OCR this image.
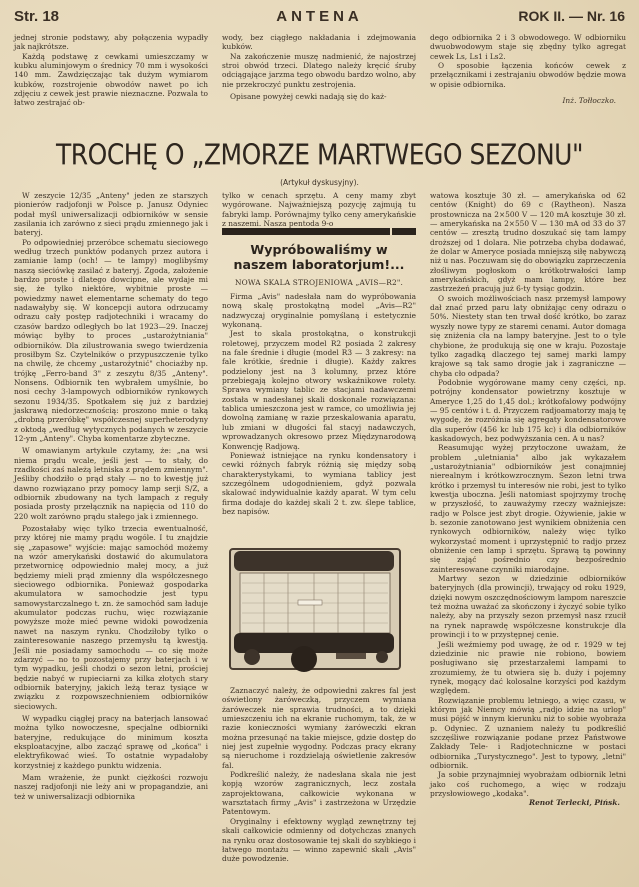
Str. 18	ANTENA	ROK II. — Nr. 16

jednej stronie podstawy, aby połączenia wypadły jak najkrótsze.

Każdą podstawę z cewkami umieszczamy w kubku aluminjowym o średnicy 70 mm i wysokości 140 mm. Zawdzięczając tak dużym wymiarom kubków, rozstrojenie obwodów nawet po ich zdjęciu z cewek jest prawie nieznaczne. Pozwala to łatwo zestrajać ob-

wody, bez ciągłego nakładania i zdejmowania kubków.

Na zakończenie muszę nadmienić, że najostrzej stroi obwód trzeci. Dlatego należy kręcić śruby odciągające jarzma tego obwodu bardzo wolno, aby nie przekroczyć punktu zestrojenia.

Opisane powyżej cewki nadają się do każ-

dego odbiornika 2 i 3 obwodowego. W odbiorniku dwuobwodowym staje się zbędny tylko agregat cewek Ls, Ls1 i Ls2.

O sposobie łączenia końców cewek z przełącznikami i zestrajaniu obwodów będzie mowa w opisie odbiornika.

Inż. Tołłoczko.
TROCHĘ O „ZMORZE MARTWEGO SEZONU"
(Artykuł dyskusyjny).

W zeszycie 12/35 „Anteny" jeden ze starszych pionierów radjofonji w Polsce p. Janusz Odyniec podał myśl uniwersalizacji odbiorników w sensie zasilania ich zarówno z sieci prądu zmiennego jak i bateryj.

Po odpowiedniej przeróbce schematu sieciowego według trzech punktów podanych przez autora i zamianie lamp (och! — te lampy) moglibyśmy naszą sieciówkę zasilać z bateryj. Zgoda, założenie bardzo proste i dlatego dowcipne, ale wydaje mi się, że tylko niektóre, wybitnie proste — powiedzmy nawet elementarne schematy do tego nadawałyby się. W koncepcji autora odrzucamy odrazu cały postęp radjotechniki i wracamy do czasów bardzo odległych bo lat 1923—29. Inaczej mówiąc byłby to proces „ustarożytniania" odbiorników. Dla zilustrowania swego twierdzenia prosiłbym Sz. Czytelników o przypuszczenie tylko na chwilę, że chcemy „ustarożytnić" chociażby np. trójkę „Ferro-band 3" z zeszytu 8/35 „Anteny". Nonsens. Odbiornik ten wybrałem umyślnie, bo nosi cechy 3-lampowych odbiorników rynkowych sezonu 1934/35. Spotkałem się już z bardziej jaskrawą niedorzecznością: proszono mnie o taką „drobną przeróbkę" współczesnej superheterodyny z oktodą „według wytycznych podanych w zeszycie 12-ym „Anteny". Chyba komentarze zbyteczne.

W omawianym artykule czytamy, że: „na wsi niema prądu wcale, jeśli jest — to stały, do rzadkości zaś należą letniska z prądem zmiennym". Jeśliby chodziło o prąd stały — no to kwestję już dawno rozwiązano przy pomocy lamp serji S/Z, a odbiornik zbudowany na tych lampach z reguły posiada prosty przełącznik na napięcia od 110 do 220 wolt zarówno prądu stałego jak i zmiennego.

Pozostałaby więc tylko trzecia ewentualność, przy której nie mamy prądu wogóle. I tu znajdzie się „zapasowe" wyjście: mając samochód możemy na wzór amerykański dostawić do akumulatora przetwornicę odpowiednio małej mocy, a już będziemy mieli prąd zmienny dla współczesnego sieciowego odbiornika. Ponieważ gospodarka akumulatora w samochodzie jest typu samowystarczalnego t. zn. że samochód sam ładuje akumulator podczas ruchu, więc rozwiązanie powyższe może mieć pewne widoki powodzenia nawet na naszym rynku. Chodziłoby tylko o zainteresowanie naszego przemysłu tą kwestją. Jeśli nie posiadamy samochodu — co się może zdarzyć — no to pozostajemy przy baterjach i w tym wypadku, jeśli chodzi o sezon letni, prościej będzie nabyć w rupieciarni za kilka złotych stary odbiornik bateryjny, jakich leżą teraz tysiące w związku z rozpowszechnieniem odbiorników sieciowych.

W wypadku ciągłej pracy na baterjach lansować można tylko nowoczesne, specjalne odbiorniki bateryjne, redukujące do minimum koszta eksploatacyjne, albo zacząć sprawę od „końca" i elektryfikować wieś. To ostatnie wypadałoby korzystniej z każdego punktu widzenia.

Mam wrażenie, że punkt ciężkości rozwoju naszej radjofonji nie leży ani w propagandzie, ani też w uniwersalizacji odbiornika

tylko w cenach sprzętu. A ceny mamy zbyt wygórowane. Najważniejszą pozycję zajmują tu fabryki lamp. Porównajmy tylko ceny amerykańskie z naszemi. Nasza pentoda 9-o

Wypróbowaliśmy w naszem laboratorjum!...
NOWA SKALA STROJENIOWA „AVIS—R2".

Firma „Avis" nadesłała nam do wypróbowania nową skalę prostokątną model „Avis—R2" nadzwyczaj oryginalnie pomyślaną i estetycznie wykonaną.

Jest to skala prostokątna, o konstrukcji roletowej, przyczem model R2 posiada 2 zakresy na fale średnie i długie (model R3 — 3 zakresy: na fale krótkie, średnie i długie). Każdy zakres podzielony jest na 3 kolumny, przez które przebiegają kolejno otwory wskaźnikowe rolety. Sprawa wymiany tablic ze stacjami nadawczemi została w nadesłanej skali doskonale rozwiązana: tablica umieszczona jest w ramce, co umożliwia jej dowolną zamianę w razie przeskalowania aparatu, lub zmiani w długości fal stacyj nadawczych, wprowadzanych okresowo przez Międzynarodową Konwencję Radjową.

Ponieważ istniejące na rynku kondensatory i cewki różnych fabryk różnią się między sobą charakterystykami, to wymiana tablicy jest szczególnem udogodnieniem, gdyż pozwala skalować indywidualnie każdy aparat. W tym celu firma dodaje do każdej skali 2 t. zw. ślepe tablice, bez napisów.

Zaznaczyć należy, że odpowiedni zakres fal jest oświetlony żaróweczką, przyczem wymiana żaróweczek nie sprawia trudności, a to dzięki umieszczeniu ich na ekranie ruchomym, tak, że w razie konieczności wymiany żaróweczki ekran można przesunąć na takie miejsce, gdzie dostęp do niej jest zupełnie wygodny. Podczas pracy ekrany są nieruchome i rozdzielają oświetlenie zakresów fal.

Podkreślić należy, że nadesłana skala nie jest kopją wzorów zagranicznych, lecz została zaprojektowana, całkowicie wykonana w warsztatach firmy „Avis" i zastrzeżona w Urzędzie Patentowym.

Oryginalny i efektowny wygląd zewnętrzny tej skali całkowicie odmienny od dotychczas znanych na rynku oraz dostosowanie tej skali do szybkiego i łatwego montażu — winno zapewnić skali „Avis" duże powodzenie.

watowa kosztuje 30 zł. — amerykańska od 62 centów (Knight) do 69 c (Raytheon). Nasza prostownicza na 2×500 V — 120 mA kosztuje 30 zł. — amerykańska na 2×550 V — 130 mA od 33 do 37 centów — zresztą trudno doszukać się tam lampy droższej od 1 dolara. Nie potrzeba chyba dodawać, że dolar w Ameryce posiada mniejszą siłę nabywczą niż u nas. Poczuwam się do obowiązku zaprzeczenia złośliwym pogłoskom o krótkotrwałości lamp amerykańskich, gdyż mam lampy, które bez zastrzeżeń pracują już 6-ty tysiąc godzin.

O swoich możliwościach nasz przemysł lampowy dał znać przed paru laty obniżając ceny odrazu o 50%. Niestety stan ten trwał dość krótko, bo zaraz wyszły nowe typy ze staremi cenami. Autor domaga się zniżenia cła na lampy bateryjne. Jest to o tyle chybione, że produkują się one w kraju. Pozostaje tylko zagadką dlaczego tej samej marki lampy krajowe są tak samo drogie jak i zagraniczne — chyba cło odpada?

Podobnie wygórowane mamy ceny części, np. potrójny kondensator powietrzny kosztuje w Ameryce 1,25 do 1,45 dol.; krótkofalowy podwójny — 95 centów i t. d. Przyczem radjoamatorzy mają tę wygodę, że rozróżnia się agregaty kondensatorowe dla superów (456 kc lub 175 kc) i dla odbiorników kaskadowych, bez podwyższania cen. A u nas?

Reasumując wyżej przytoczone uważam, że problem „uletniania" albo jak wykazałem „ustarożytniania" odbiorników jest conajmniej nierealnym i krótkowzrocznym. Sezon letni trwa krótko i przemysł tu interesów nie robi, jest to tylko kwestja uboczna. Jeśli natomiast spojrzymy trochę w przyszłość, to zauważymy rzeczy ważniejsze: radjo w Polsce jest zbyt drogie. Ożywienie, jakie w b. sezonie zanotowano jest wynikiem obniżenia cen rynkowych odbiorników, należy więc tylko wykorzystać moment i uprzystępnić to radjo przez obniżenie cen lamp i sprzętu. Sprawą tą powinny się zająć pośrednio czy bezpośrednio zainteresowane czynniki miarodajne.

Martwy sezon w dziedzinie odbiorników bateryjnych (dla prowincji), trwający od roku 1929, dzięki nowym oszczędnościowym lampom nareszcie też można uważać za skończony i życzyć sobie tylko należy, aby na przyszły sezon przemysł nasz rzucił na rynek naprawdę współczesne konstrukcje dla prowincji i to w przystępnej cenie.

Jeśli weźmiemy pod uwagę, że od r. 1929 w tej dziedzinie nic prawie nie robiono, bowiem posługiwano się przestarzałemi lampami to zrozumiemy, że tu otwiera się b. duży i pojemny rynek, mogący dać kolosalne korzyści pod każdym względem.

Rozwiązanie problemu letniego, a więc czasu, w którym jak Niemcy mówią „radjo idzie na urlop" musi pójść w innym kierunku niż to sobie wyobraża p. Odyniec. Z uznaniem należy tu podkreślić szczęśliwe rozwiązanie podane przez Państwowe Zakłady Tele- i Radjotechniczne w postaci odbiornika „Turystycznego". Jest to typowy, „letni" odbiornik.

Ja sobie przynajmniej wyobrażam odbiornik letni jako coś ruchomego, a więc w rodzaju przysłowiowego „kodaka".

Renot Terlecki, Pińsk.
